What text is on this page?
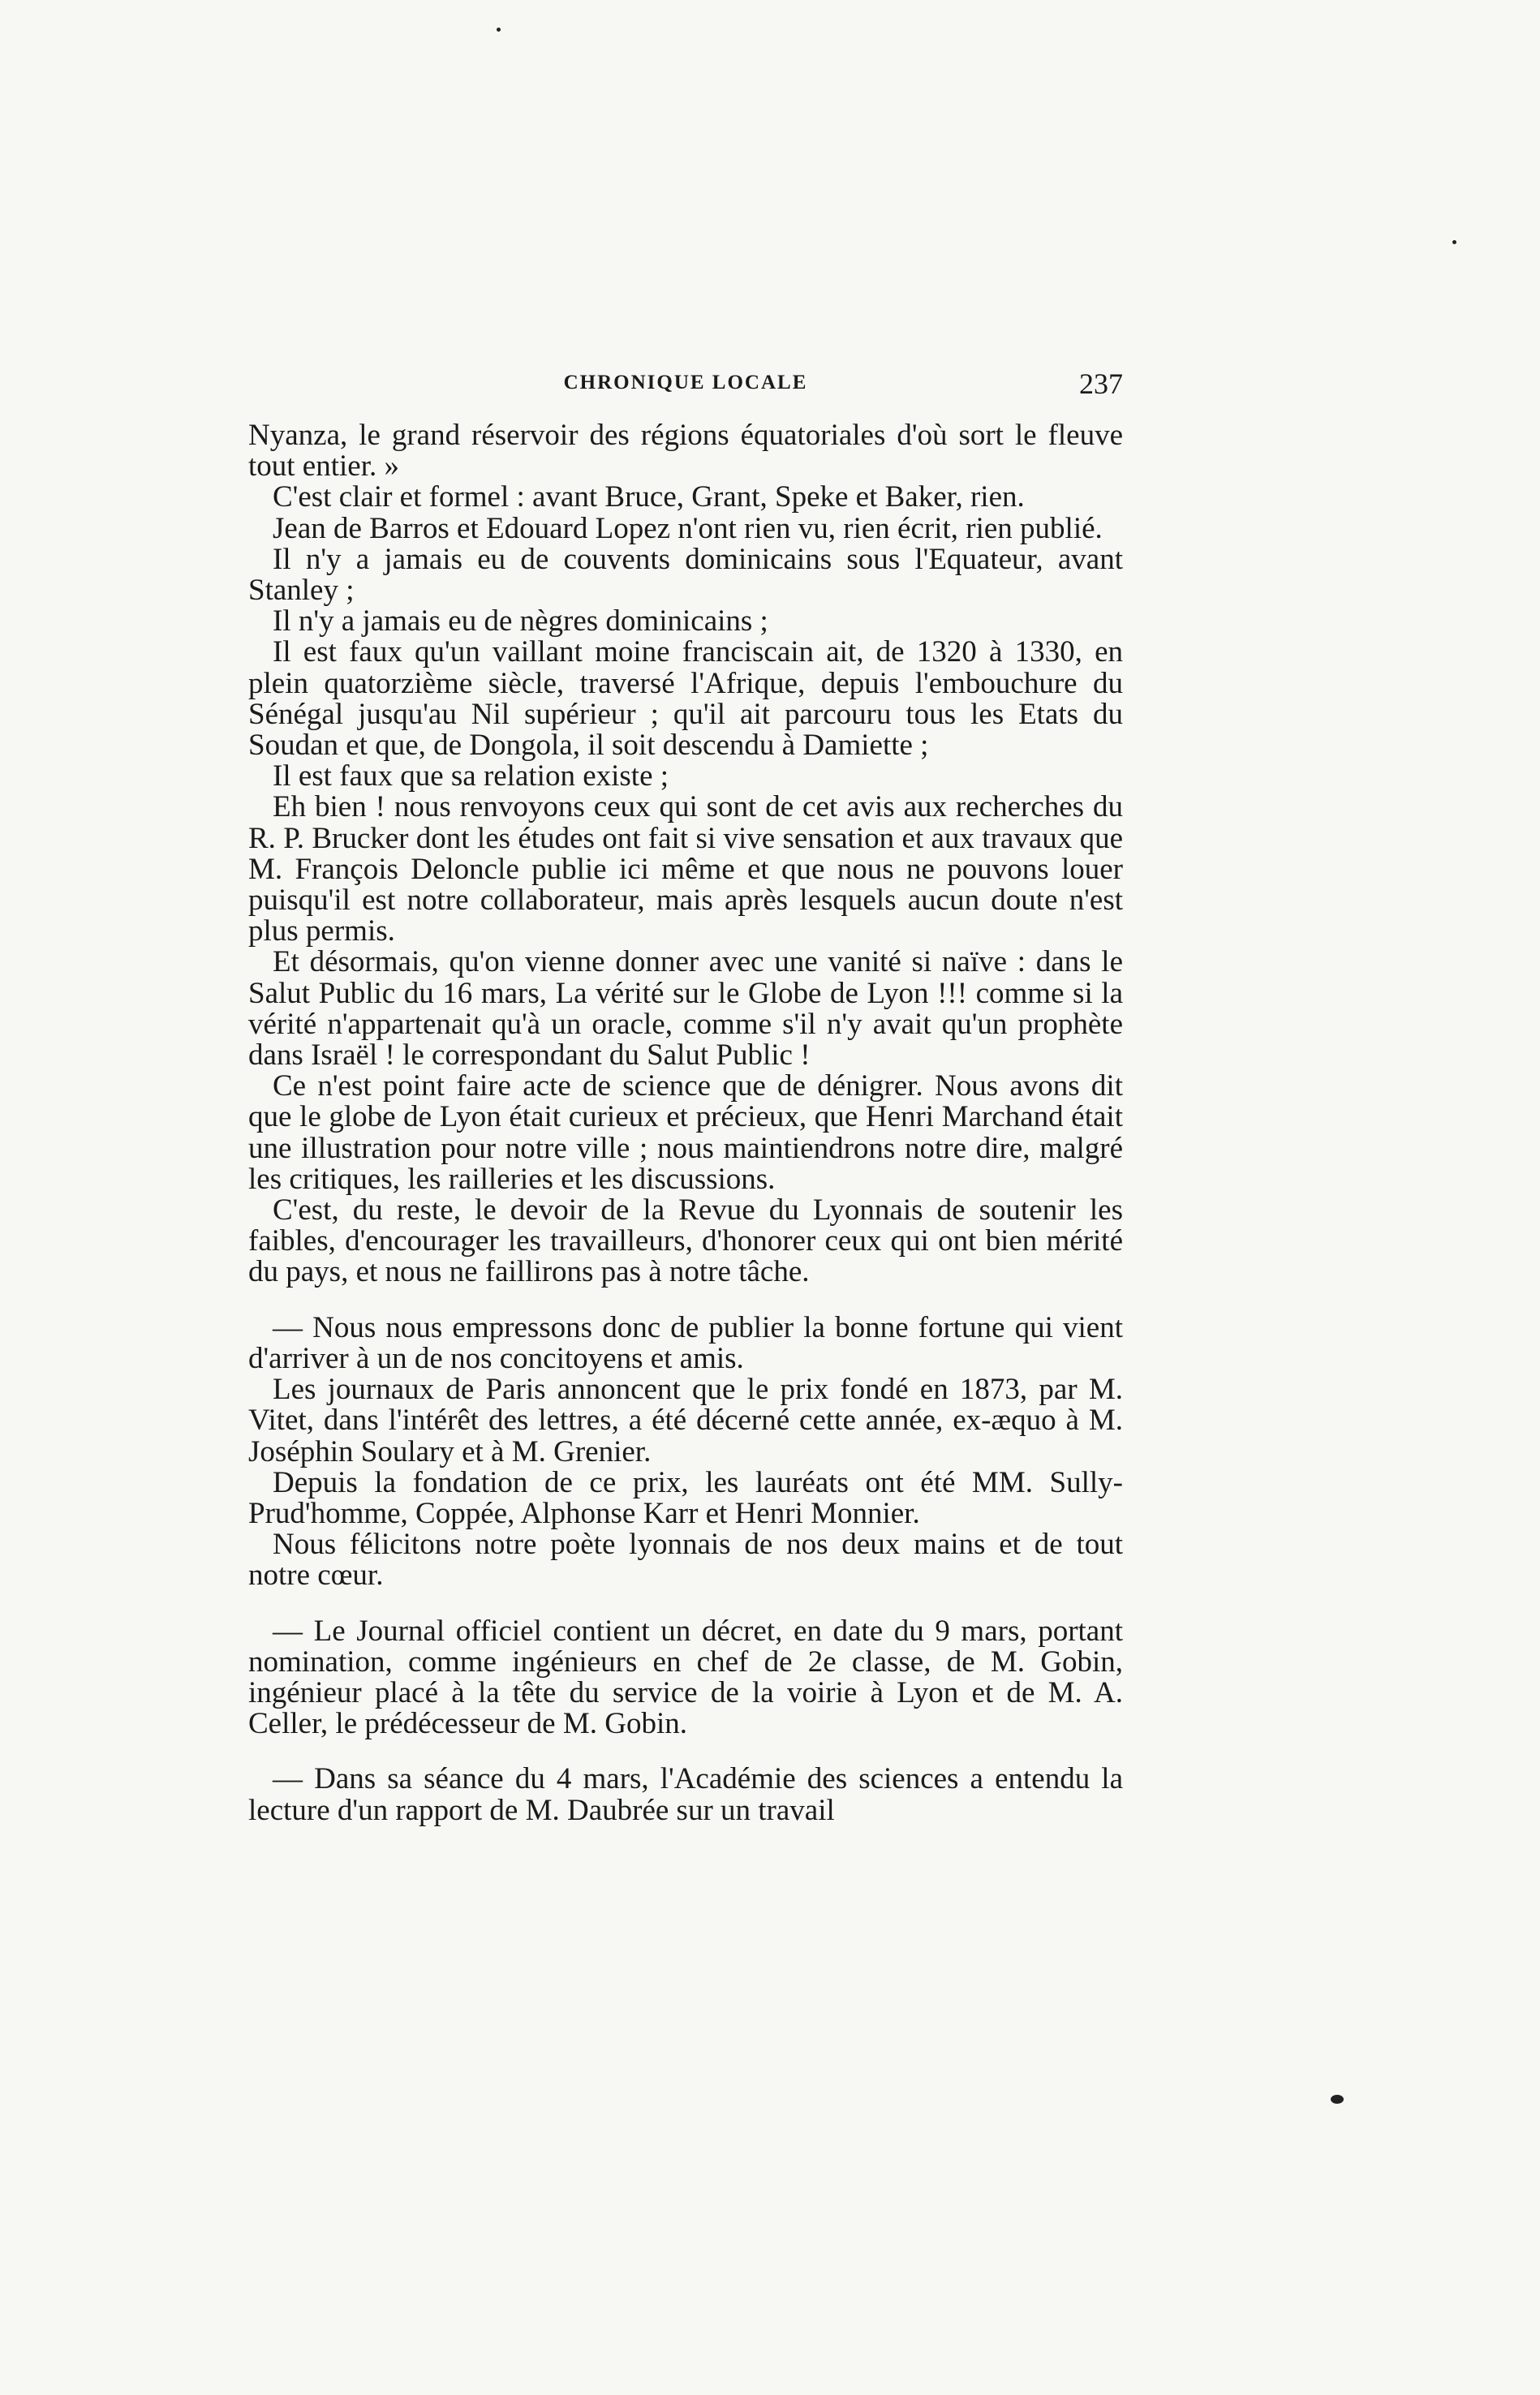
CHRONIQUE LOCALE	237

Nyanza, le grand réservoir des régions équatoriales d'où sort le fleuve tout entier. »

C'est clair et formel : avant Bruce, Grant, Speke et Baker, rien.

Jean de Barros et Edouard Lopez n'ont rien vu, rien écrit, rien publié.

Il n'y a jamais eu de couvents dominicains sous l'Equateur, avant Stanley ;

Il n'y a jamais eu de nègres dominicains ;

Il est faux qu'un vaillant moine franciscain ait, de 1320 à 1330, en plein quatorzième siècle, traversé l'Afrique, depuis l'embouchure du Sénégal jusqu'au Nil supérieur ; qu'il ait parcouru tous les Etats du Soudan et que, de Dongola, il soit descendu à Damiette ;

Il est faux que sa relation existe ;

Eh bien ! nous renvoyons ceux qui sont de cet avis aux recherches du R. P. Brucker dont les études ont fait si vive sensation et aux travaux que M. François Deloncle publie ici même et que nous ne pouvons louer puisqu'il est notre collaborateur, mais après lesquels aucun doute n'est plus permis.

Et désormais, qu'on vienne donner avec une vanité si naïve : dans le Salut Public du 16 mars, La vérité sur le Globe de Lyon !!! comme si la vérité n'appartenait qu'à un oracle, comme s'il n'y avait qu'un prophète dans Israël ! le correspondant du Salut Public !

Ce n'est point faire acte de science que de dénigrer. Nous avons dit que le globe de Lyon était curieux et précieux, que Henri Marchand était une illustration pour notre ville ; nous maintiendrons notre dire, malgré les critiques, les railleries et les discussions.

C'est, du reste, le devoir de la Revue du Lyonnais de soutenir les faibles, d'encourager les travailleurs, d'honorer ceux qui ont bien mérité du pays, et nous ne faillirons pas à notre tâche.

— Nous nous empressons donc de publier la bonne fortune qui vient d'arriver à un de nos concitoyens et amis.

Les journaux de Paris annoncent que le prix fondé en 1873, par M. Vitet, dans l'intérêt des lettres, a été décerné cette année, ex-æquo à M. Joséphin Soulary et à M. Grenier.

Depuis la fondation de ce prix, les lauréats ont été MM. Sully-Prud'homme, Coppée, Alphonse Karr et Henri Monnier.

Nous félicitons notre poète lyonnais de nos deux mains et de tout notre cœur.

— Le Journal officiel contient un décret, en date du 9 mars, portant nomination, comme ingénieurs en chef de 2e classe, de M. Gobin, ingénieur placé à la tête du service de la voirie à Lyon et de M. A. Celler, le prédécesseur de M. Gobin.

— Dans sa séance du 4 mars, l'Académie des sciences a entendu la lecture d'un rapport de M. Daubrée sur un travail
